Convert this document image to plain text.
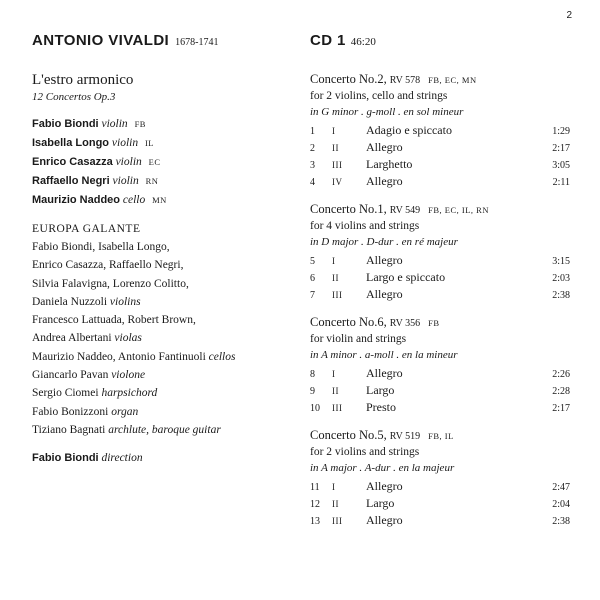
2
ANTONIO VIVALDI 1678-1741

L'estro armonico

12 Concertos Op.3

Fabio Biondi violin FB
Isabella Longo violin IL
Enrico Casazza violin EC
Raffaello Negri violin RN
Maurizio Naddeo cello MN
EUROPA GALANTE
Fabio Biondi, Isabella Longo,
Enrico Casazza, Raffaello Negri,
Silvia Falavigna, Lorenzo Colitto,
Daniela Nuzzoli violins
Francesco Lattuada, Robert Brown,
Andrea Albertani violas
Maurizio Naddeo, Antonio Fantinuoli cellos
Giancarlo Pavan violone
Sergio Ciomei harpsichord
Fabio Bonizzoni organ
Tiziano Bagnati archlute, baroque guitar
Fabio Biondi direction
CD 1 46:20
Concerto No.2, RV 578 FB, EC, MN
for 2 violins, cello and strings
in G minor . g-moll . en sol mineur
1	I	Adagio e spiccato	1:29
2	II	Allegro	2:17
3	III	Larghetto	3:05
4	IV	Allegro	2:11
Concerto No.1, RV 549 FB, EC, IL, RN
for 4 violins and strings
in D major . D-dur . en ré majeur
5	I	Allegro	3:15
6	II	Largo e spiccato	2:03
7	III	Allegro	2:38
Concerto No.6, RV 356 FB
for violin and strings
in A minor . a-moll . en la mineur
8	I	Allegro	2:26
9	II	Largo	2:28
10	III	Presto	2:17
Concerto No.5, RV 519 FB, IL
for 2 violins and strings
in A major . A-dur . en la majeur
11	I	Allegro	2:47
12	II	Largo	2:04
13	III	Allegro	2:38
